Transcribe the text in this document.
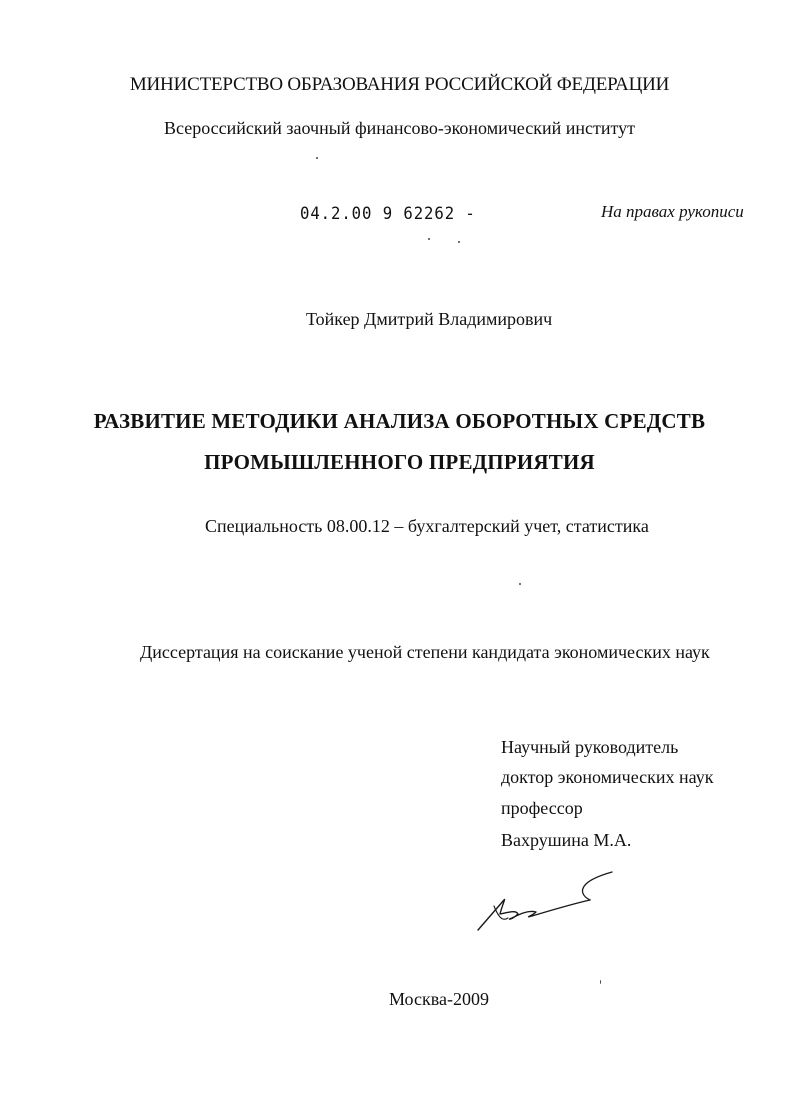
МИНИСТЕРСТВО ОБРАЗОВАНИЯ РОССИЙСКОЙ ФЕДЕРАЦИИ
Всероссийский заочный финансово-экономический институт
04.2.00 9 62262 -	На правах рукописи
Тойкер Дмитрий Владимирович
РАЗВИТИЕ МЕТОДИКИ АНАЛИЗА ОБОРОТНЫХ СРЕДСТВ
ПРОМЫШЛЕННОГО ПРЕДПРИЯТИЯ
Специальность 08.00.12 – бухгалтерский учет, статистика
Диссертация на соискание ученой степени кандидата экономических наук
Научный руководитель
доктор экономических наук
профессор
Вахрушина М.А.
Москва-2009
